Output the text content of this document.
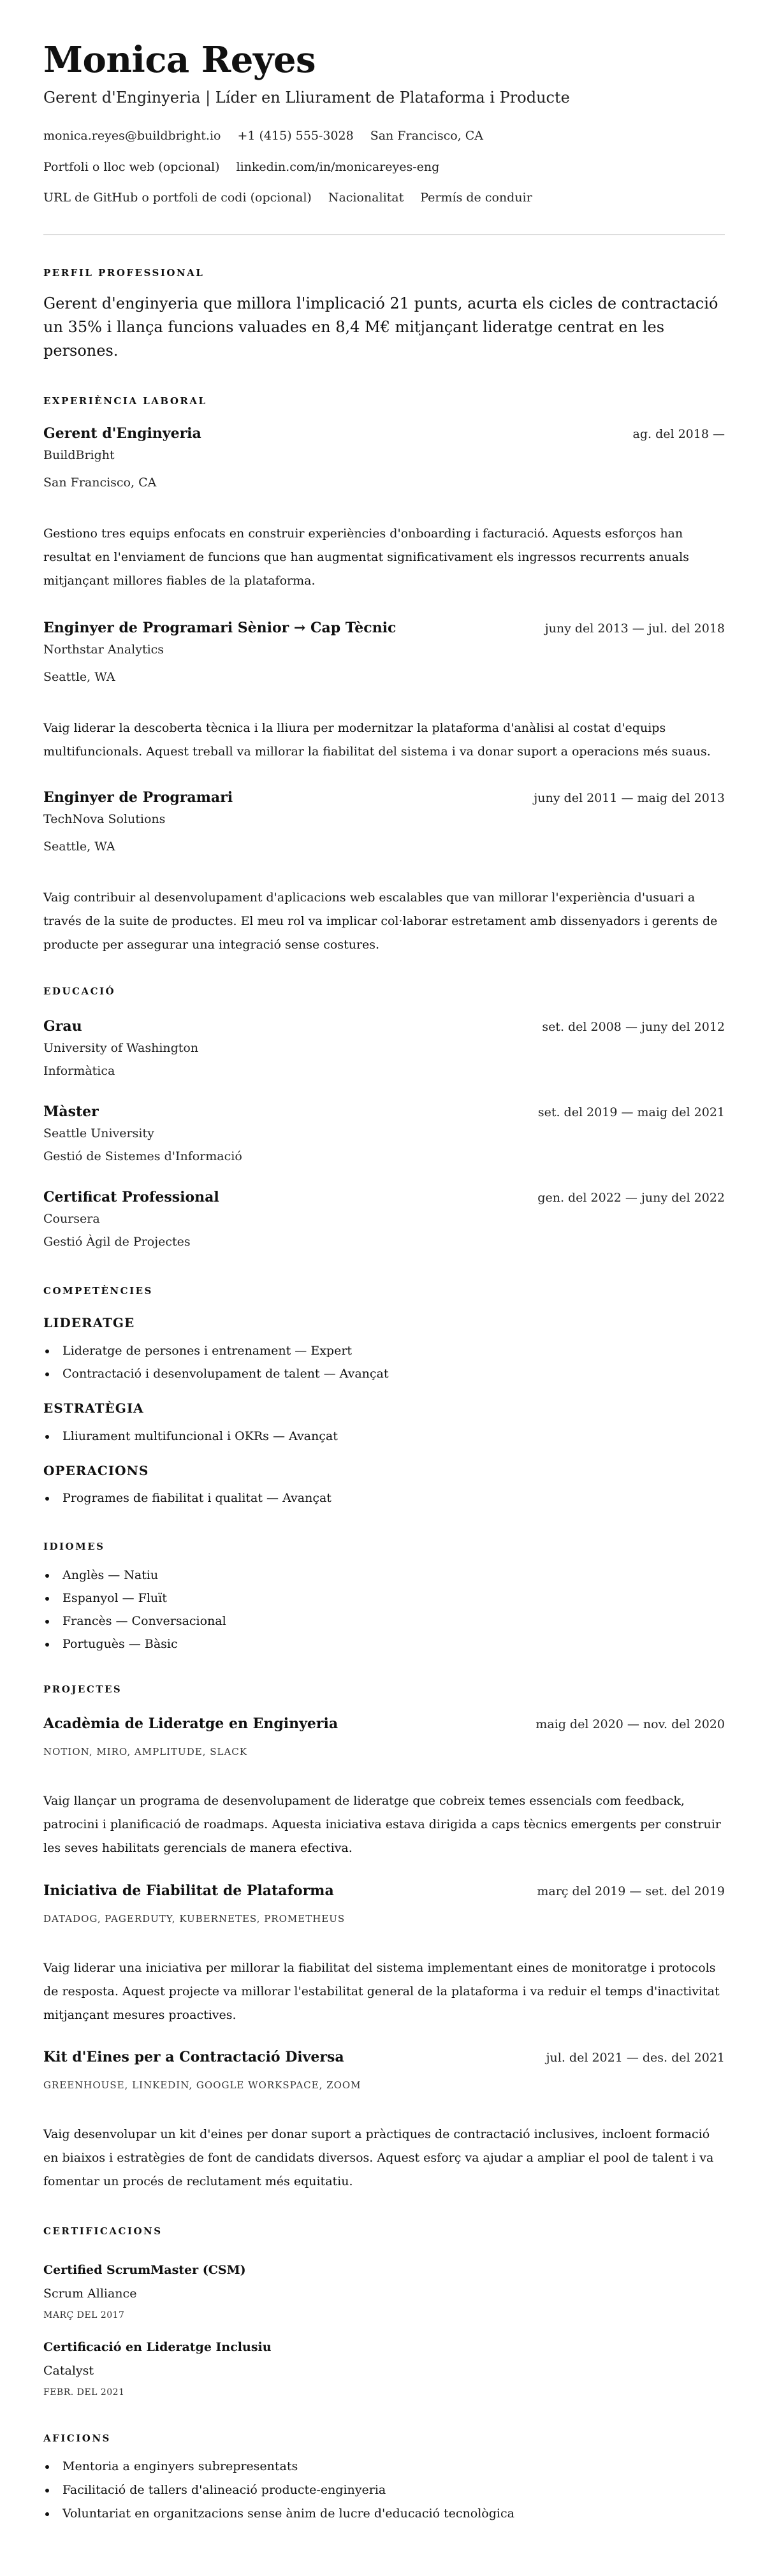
Monica Reyes
Gerent d'Enginyeria | Líder en Lliurament de Plataforma i Producte
monica.reyes@buildbright.io +1 (415) 555-3028 San Francisco, CA
Portfoli o lloc web (opcional) linkedin.com/in/monicareyes-eng
URL de GitHub o portfoli de codi (opcional) Nacionalitat Permís de conduir
PERFIL PROFESSIONAL
Gerent d'enginyeria que millora l'implicació 21 punts, acurta els cicles de contractació un 35% i llança funcions valuades en 8,4 M€ mitjançant lideratge centrat en les persones.
EXPERIÈNCIA LABORAL
Gerent d'Enginyeria	ag. del 2018 —
BuildBright
San Francisco, CA
Gestiono tres equips enfocats en construir experiències d'onboarding i facturació. Aquests esforços han resultat en l'enviament de funcions que han augmentat significativament els ingressos recurrents anuals mitjançant millores fiables de la plataforma.
Enginyer de Programari Sènior → Cap Tècnic	juny del 2013 — jul. del 2018
Northstar Analytics
Seattle, WA
Vaig liderar la descoberta tècnica i la lliura per modernitzar la plataforma d'anàlisi al costat d'equips multifuncionals. Aquest treball va millorar la fiabilitat del sistema i va donar suport a operacions més suaus.
Enginyer de Programari	juny del 2011 — maig del 2013
TechNova Solutions
Seattle, WA
Vaig contribuir al desenvolupament d'aplicacions web escalables que van millorar l'experiència d'usuari a través de la suite de productes. El meu rol va implicar col·laborar estretament amb dissenyadors i gerents de producte per assegurar una integració sense costures.
EDUCACIÓ
Grau	set. del 2008 — juny del 2012
University of Washington
Informàtica
Màster	set. del 2019 — maig del 2021
Seattle University
Gestió de Sistemes d'Informació
Certificat Professional	gen. del 2022 — juny del 2022
Coursera
Gestió Àgil de Projectes
COMPETÈNCIES
LIDERATGE
Lideratge de persones i entrenament — Expert
Contractació i desenvolupament de talent — Avançat
ESTRATÈGIA
Lliurament multifuncional i OKRs — Avançat
OPERACIONS
Programes de fiabilitat i qualitat — Avançat
IDIOMES
Anglès — Natiu
Espanyol — Fluït
Francès — Conversacional
Portuguès — Bàsic
PROJECTES
Acadèmia de Lideratge en Enginyeria	maig del 2020 — nov. del 2020
NOTION, MIRO, AMPLITUDE, SLACK
Vaig llançar un programa de desenvolupament de lideratge que cobreix temes essencials com feedback, patrocini i planificació de roadmaps. Aquesta iniciativa estava dirigida a caps tècnics emergents per construir les seves habilitats gerencials de manera efectiva.
Iniciativa de Fiabilitat de Plataforma	març del 2019 — set. del 2019
DATADOG, PAGERDUTY, KUBERNETES, PROMETHEUS
Vaig liderar una iniciativa per millorar la fiabilitat del sistema implementant eines de monitoratge i protocols de resposta. Aquest projecte va millorar l'estabilitat general de la plataforma i va reduir el temps d'inactivitat mitjançant mesures proactives.
Kit d'Eines per a Contractació Diversa	jul. del 2021 — des. del 2021
GREENHOUSE, LINKEDIN, GOOGLE WORKSPACE, ZOOM
Vaig desenvolupar un kit d'eines per donar suport a pràctiques de contractació inclusives, incloent formació en biaixos i estratègies de font de candidats diversos. Aquest esforç va ajudar a ampliar el pool de talent i va fomentar un procés de reclutament més equitatiu.
CERTIFICACIONS
Certified ScrumMaster (CSM)
Scrum Alliance
MARÇ DEL 2017
Certificació en Lideratge Inclusiu
Catalyst
FEBR. DEL 2021
AFICIONS
Mentoria a enginyers subrepresentats
Facilitació de tallers d'alineació producte-enginyeria
Voluntariat en organitzacions sense ànim de lucre d'educació tecnològica
